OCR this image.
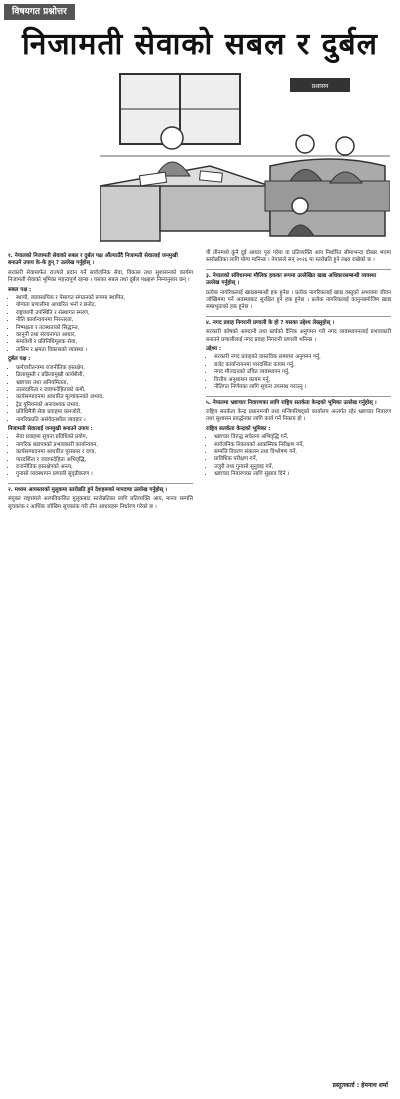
विषयगत प्रश्नोत्तर
निजामती सेवाको सबल र दुर्बल
प्रशासन
१. नेपालको निजामती सेवाको सबल र दुर्बल पक्ष औंल्याउँदै निजामती सेवालाई जनमुखी बनाउने उपाय के-के हुन् ? उल्लेख गर्नुहोस् ।
सरकारी सेवामार्फत राज्यले प्रदान गर्ने सार्वजनिक सेवा, विकास तथा सुशासनको कार्यमा निजामती सेवाको भूमिका महत्त्वपूर्ण रहन्छ । यसका सबल तथा दुर्बल पक्षहरू निम्नानुसार छन् ।
सबल पक्ष :
• स्थायी, व्यावसायिक र पेसागत संगठनको रूपमा स्थापित,
• योग्यता प्रणालीमा आधारित भर्ना र छनोट,
• राष्ट्रव्यापी उपस्थिति र संस्थागत स्मरण,
• नीति कार्यान्वयनमा निरन्तरता,
• निष्पक्षता र तटस्थताको सिद्धान्त,
• कानुनी तथा संरचनागत आधार,
• समावेशी र प्रतिनिधिमूलक सेवा,
• तालिम र क्षमता विकासको व्यवस्था ।
दुर्बल पक्ष :
• कर्मचारीतन्त्रमा राजनीतिक हस्तक्षेप,
• ढिलासुस्ती र प्रक्रियामुखी कार्यशैली,
• भ्रष्टाचार तथा अनियमितता,
• उत्तरदायित्व र जवाफदेहिताको कमी,
• कार्यसम्पादनमा आधारित मूल्यांकनको अभाव,
• ट्रेड युनियनको अनावश्यक प्रभाव,
• प्रविधिमैत्री सेवा प्रवाहमा कमजोरी,
• नागरिकप्रति असंवेदनशील व्यवहार ।
निजामती सेवालाई जनमुखी बनाउने उपाय :
• सेवा प्रवाहमा सूचना प्रविधिको प्रयोग,
• नागरिक बडापत्रको प्रभावकारी कार्यान्वयन,
• कार्यसम्पादनमा आधारित पुरस्कार र दण्ड,
• पारदर्शिता र जवाफदेहिता अभिवृद्धि,
• राजनीतिक हस्तक्षेपको अन्त्य,
• गुनासो व्यवस्थापन प्रणाली सुदृढीकरण ।
२. मध्यम आयस्तरको मुलुकमा स्तरोन्नति हुने देशहरूको मापदण्ड उल्लेख गर्नुहोस् ।
संयुक्त राष्ट्रसंघले अल्पविकसित मुलुकबाट स्तरोन्नतिका लागि प्रतिव्यक्ति आय, मानव सम्पत्ति सूचकांक र आर्थिक जोखिम सूचकांक गरी तीन आधारहरू निर्धारण गरेको छ ।
यी तीनमध्ये कुनै दुई आधार पूरा गरेमा वा प्रतिव्यक्ति आय निर्धारित सीमाभन्दा दोब्बर भएमा स्तरोन्नतिका लागि योग्य मानिन्छ । नेपालले सन् २०२६ मा स्तरोन्नति हुने लक्ष्य राखेको छ ।
३. नेपालको संविधानमा मौलिक हकका रूपमा उल्लेखित खाद्य अधिकारसम्बन्धी व्यवस्था उल्लेख गर्नुहोस् ।
प्रत्येक नागरिकलाई खाद्यसम्बन्धी हक हुनेछ । प्रत्येक नागरिकलाई खाद्य वस्तुको अभावमा जीवन जोखिममा पर्ने अवस्थाबाट सुरक्षित हुने हक हुनेछ । प्रत्येक नागरिकलाई कानुनबमोजिम खाद्य सम्प्रभुताको हक हुनेछ ।
४. नगद प्रवाह निगरानी प्रणाली के हो ? यसका उद्देश्य लेख्नुहोस् ।
सरकारी कोषको आम्दानी तथा खर्चको दैनिक अनुगमन गरी नगद व्यवस्थापनलाई प्रभावकारी बनाउने प्रणालीलाई नगद प्रवाह निगरानी प्रणाली भनिन्छ ।
उद्देश्य :
• सरकारी नगद प्रवाहको वास्तविक समयमा अनुगमन गर्नु,
• बजेट कार्यान्वयनमा पारदर्शिता कायम गर्नु,
• नगद मौज्दातको उचित व्यवस्थापन गर्नु,
• वित्तीय अनुशासन कायम गर्नु,
• नीतिगत निर्णयका लागि सूचना उपलब्ध गराउनु ।
५. नेपालमा भ्रष्टाचार निवारणका लागि राष्ट्रिय सतर्कता केन्द्रको भूमिका उल्लेख गर्नुहोस् ।
राष्ट्रिय सतर्कता केन्द्र प्रधानमन्त्री तथा मन्त्रिपरिषद्को कार्यालय अन्तर्गत रहेर भ्रष्टाचार निवारण तथा सुशासन प्रवर्द्धनका लागि कार्य गर्ने निकाय हो ।
राष्ट्रिय सतर्कता केन्द्रको भूमिका :
• भ्रष्टाचार विरुद्ध सचेतना अभिवृद्धि गर्ने,
• सार्वजनिक निकायको आकस्मिक निरीक्षण गर्ने,
• सम्पत्ति विवरण संकलन तथा विश्लेषण गर्ने,
• प्राविधिक परीक्षण गर्ने,
• उजुरी तथा गुनासो सुनुवाइ गर्ने,
• भ्रष्टाचार निवारणका लागि सुझाव दिने ।
प्रस्तुतकर्ता : हेमनाथ शर्मा
